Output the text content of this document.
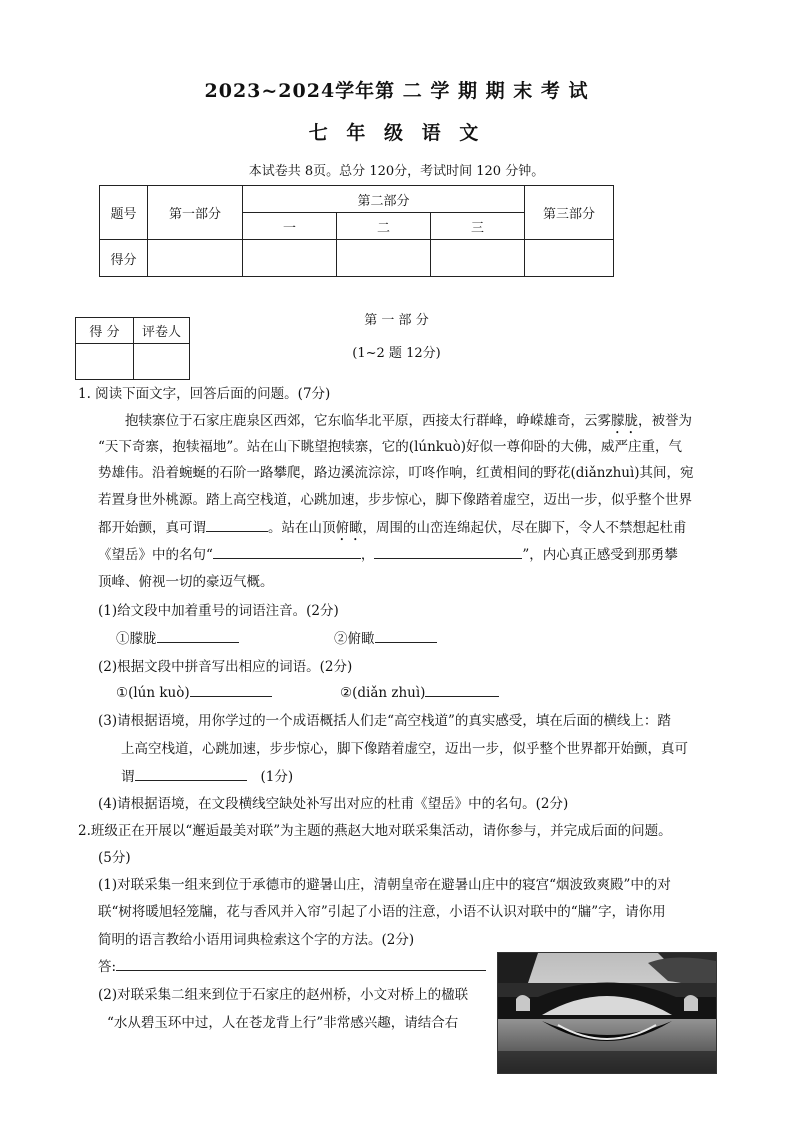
2023~2024学年第 二 学 期 期 末 考 试
七 年 级 语 文
本试卷共 8页。总分 120分，考试时间 120 分钟。
题号	第一部分	第二部分			第三部分
		一	二	三	
得分					
得 分	评卷人

第 一 部 分
(1~2 题 12分)
1. 阅读下面文字，回答后面的问题。(7分)
抱犊寨位于石家庄鹿泉区西郊，它东临华北平原，西接太行群峰，峥嵘雄奇，云雾朦胧，被誉为
“天下奇寨，抱犊福地”。站在山下眺望抱犊寨，它的(lúnkuò)好似一尊仰卧的大佛，威严庄重，气
势雄伟。沿着蜿蜒的石阶一路攀爬，路边溪流淙淙，叮咚作响，红黄相间的野花(diǎnzhuì)其间，宛
若置身世外桃源。踏上高空栈道，心跳加速，步步惊心，脚下像踏着虚空，迈出一步，似乎整个世界
都开始颤，真可谓	。站在山顶俯瞰，周围的山峦连绵起伏，尽在脚下，令人不禁想起杜甫
《望岳》中的名句“	，	”，内心真正感受到那勇攀
顶峰、俯视一切的豪迈气概。
(1)给文段中加着重号的词语注音。(2分)
①朦胧	②俯瞰
(2)根据文段中拼音写出相应的词语。(2分)
①(lún kuò)	②(diǎn zhuì)
(3)请根据语境，用你学过的一个成语概括人们走“高空栈道”的真实感受，填在后面的横线上：踏
上高空栈道，心跳加速，步步惊心，脚下像踏着虚空，迈出一步，似乎整个世界都开始颤，真可
谓	(1分)
(4)请根据语境，在文段横线空缺处补写出对应的杜甫《望岳》中的名句。(2分)
2.班级正在开展以“邂逅最美对联”为主题的燕赵大地对联采集活动，请你参与，并完成后面的问题。
(5分)
(1)对联采集一组来到位于承德市的避暑山庄，清朝皇帝在避暑山庄中的寝宫“烟波致爽殿”中的对
联“树将暖旭轻笼牖，花与香风并入帘”引起了小语的注意，小语不认识对联中的“牖”字，请你用
简明的语言教给小语用词典检索这个字的方法。(2分)
答:
(2)对联采集二组来到位于石家庄的赵州桥，小文对桥上的楹联
“水从碧玉环中过，人在苍龙背上行”非常感兴趣，请结合右
